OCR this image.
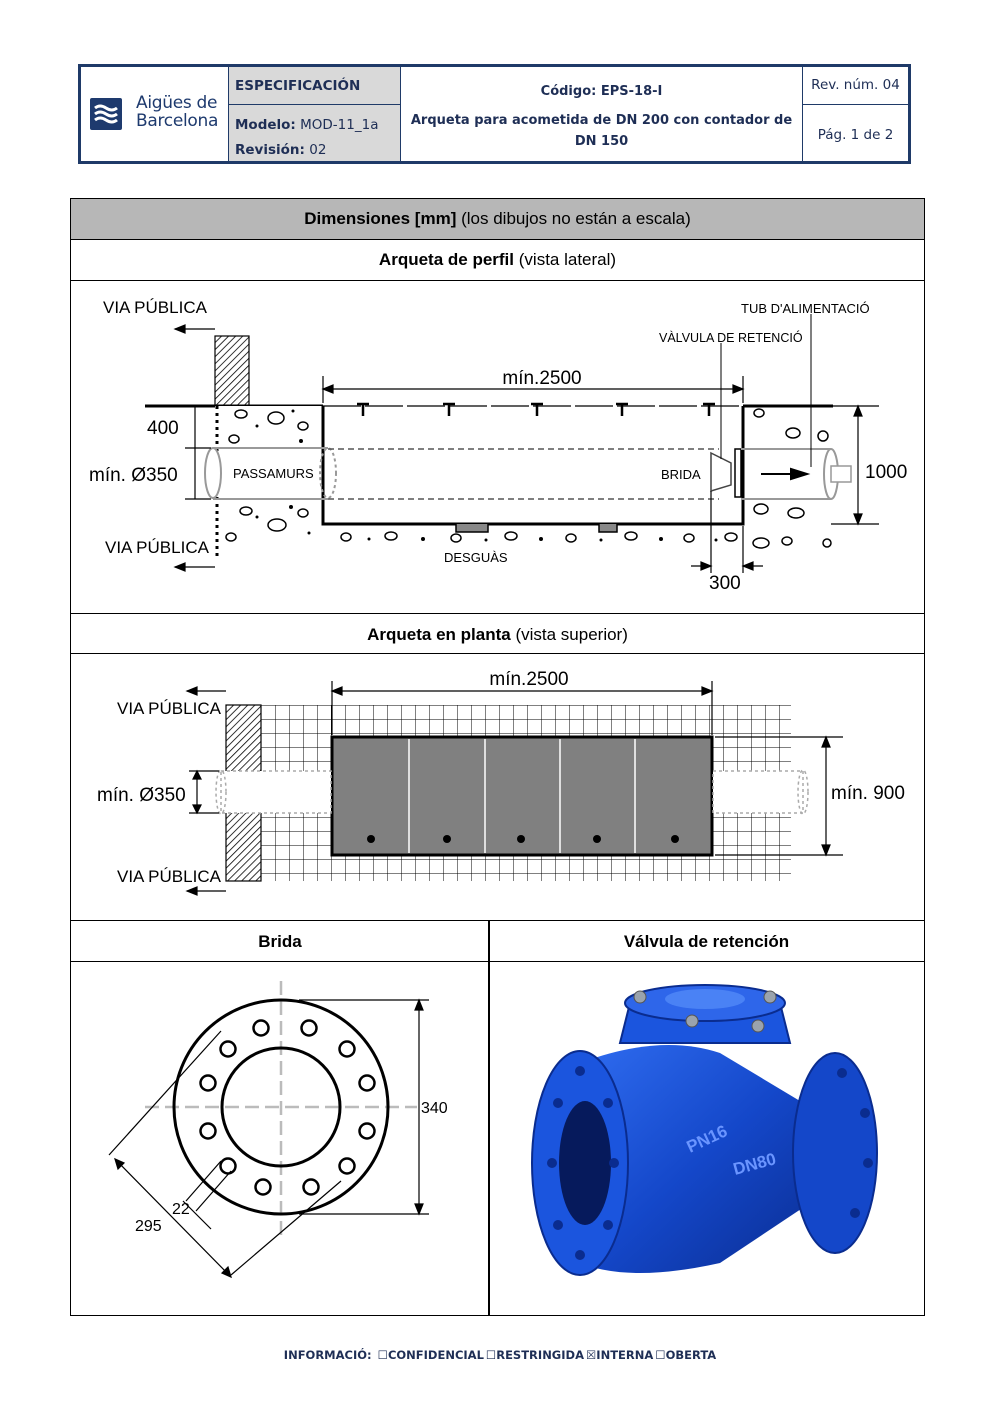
Aigües de
Barcelona
ESPECIFICACIÓN
Modelo: MOD-11_1a
Revisión: 02
Código: EPS-18-I
Arqueta para acometida de DN 200 con contador de DN 150
Rev. núm. 04
Pág. 1 de 2
Dimensiones [mm] (los dibujos no están a escala)
Arqueta de perfil (vista lateral)
mín.2500
VIA PÚBLICA
VIA PÚBLICA
400
mín. Ø350	PASSAMURS	BRIDA	1000
TUB D'ALIMENTACIÓ
VÀLVULA DE RETENCIÓ
DESGUÀS
300
Arqueta en planta (vista superior)
mín.2500
VIA PÚBLICA
VIA PÚBLICA
mín. Ø350	mín. 900
Brida	Válvula de retención
340
22
295
PN16
DN80
INFORMACIÓ: ☐CONFIDENCIAL ☐RESTRINGIDA ☒INTERNA ☐OBERTA
